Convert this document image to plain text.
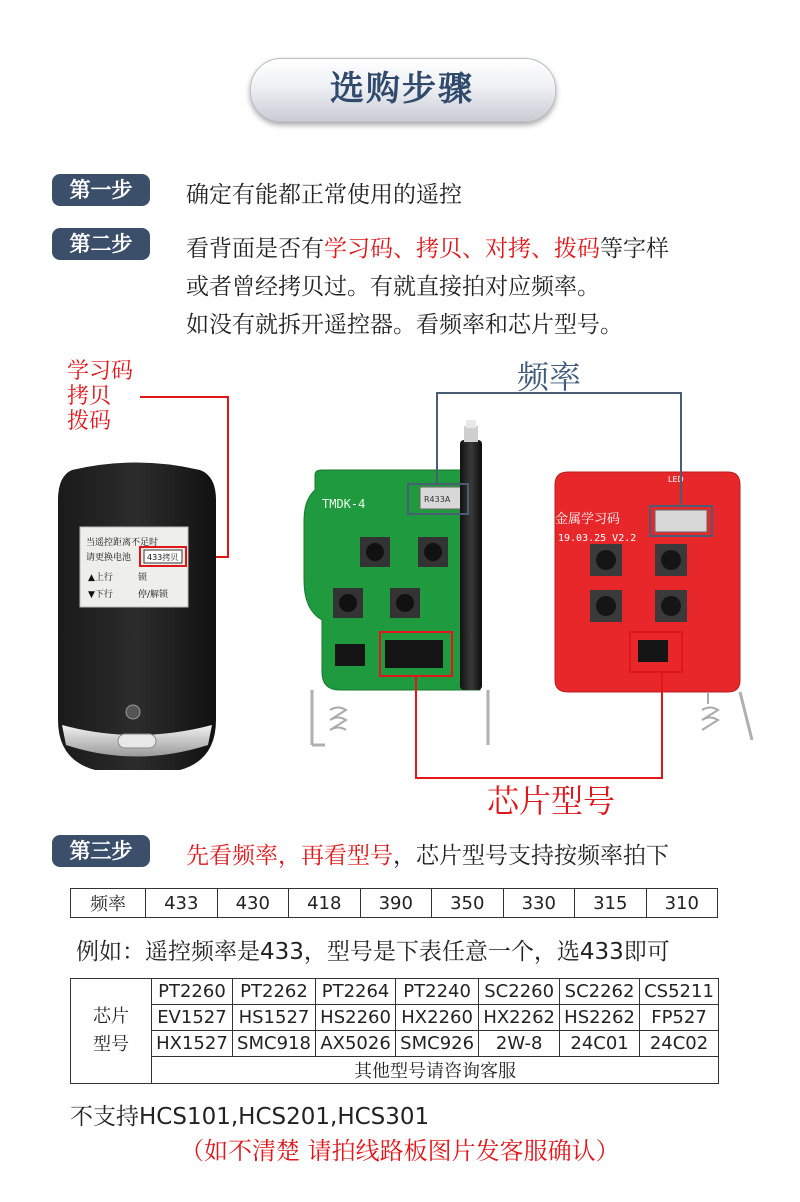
选购步骤
第一步	确定有能都正常使用的遥控
第二步	看背面是否有学习码、拷贝、对拷、拨码等字样
或者曾经拷贝过。有就直接拍对应频率。
如没有就拆开遥控器。看频率和芯片型号。
学习码
拷贝
拨码
频率
芯片型号
当遥控距离不足时
请更换电池 433拷贝
▲上行	锁
▼下行	停/解锁
TMDK-4	R433A
LED
金属学习码
19.03.25 V2.2
第三步	先看频率，再看型号，芯片型号支持按频率拍下
频率	433	430	418	390	350	330	315	310
例如：遥控频率是433，型号是下表任意一个，选433即可
芯片
型号	PT2260	PT2262	PT2264	PT2240	SC2260	SC2262	CS5211
	EV1527	HS1527	HS2260	HX2260	HX2262	HS2262	FP527
	HX1527	SMC918	AX5026	SMC926	2W-8	24C01	24C02
	其他型号请咨询客服						
不支持HCS101,HCS201,HCS301
（如不清楚 请拍线路板图片发客服确认）
